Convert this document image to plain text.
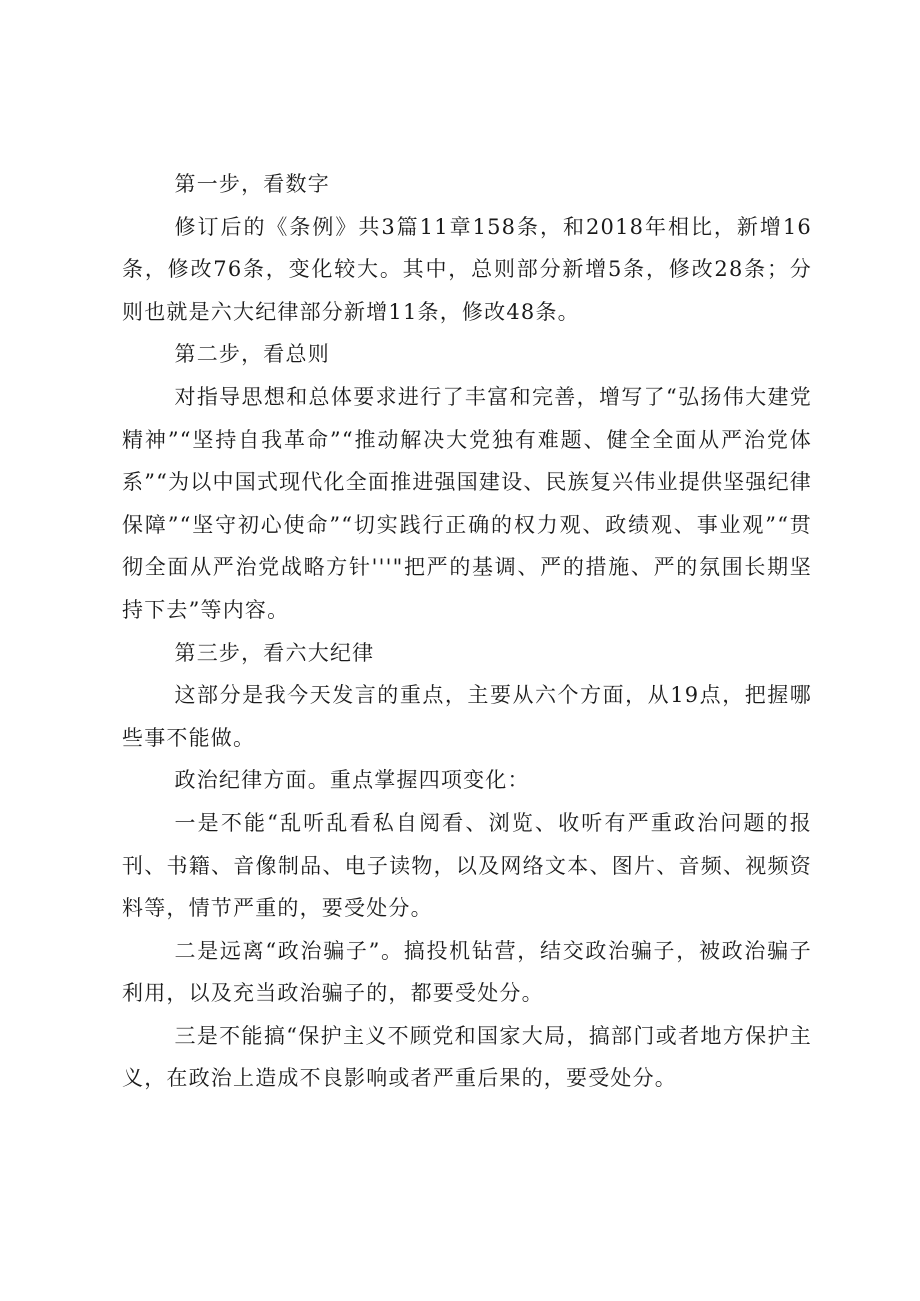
第一步，看数字

修订后的《条例》共3篇11章158条，和2018年相比，新增16条，修改76条，变化较大。其中，总则部分新增5条，修改28条；分则也就是六大纪律部分新增11条，修改48条。

第二步，看总则

对指导思想和总体要求进行了丰富和完善，增写了“弘扬伟大建党精神”“坚持自我革命”“推动解决大党独有难题、健全全面从严治党体系”“为以中国式现代化全面推进强国建设、民族复兴伟业提供坚强纪律保障”“坚守初心使命”“切实践行正确的权力观、政绩观、事业观”“贯彻全面从严治党战略方针'''"把严的基调、严的措施、严的氛围长期坚持下去”等内容。

第三步，看六大纪律

这部分是我今天发言的重点，主要从六个方面，从19点，把握哪些事不能做。

政治纪律方面。重点掌握四项变化：

一是不能“乱听乱看私自阅看、浏览、收听有严重政治问题的报刊、书籍、音像制品、电子读物，以及网络文本、图片、音频、视频资料等，情节严重的，要受处分。

二是远离“政治骗子”。搞投机钻营，结交政治骗子，被政治骗子利用，以及充当政治骗子的，都要受处分。

三是不能搞“保护主义不顾党和国家大局，搞部门或者地方保护主义，在政治上造成不良影响或者严重后果的，要受处分。
